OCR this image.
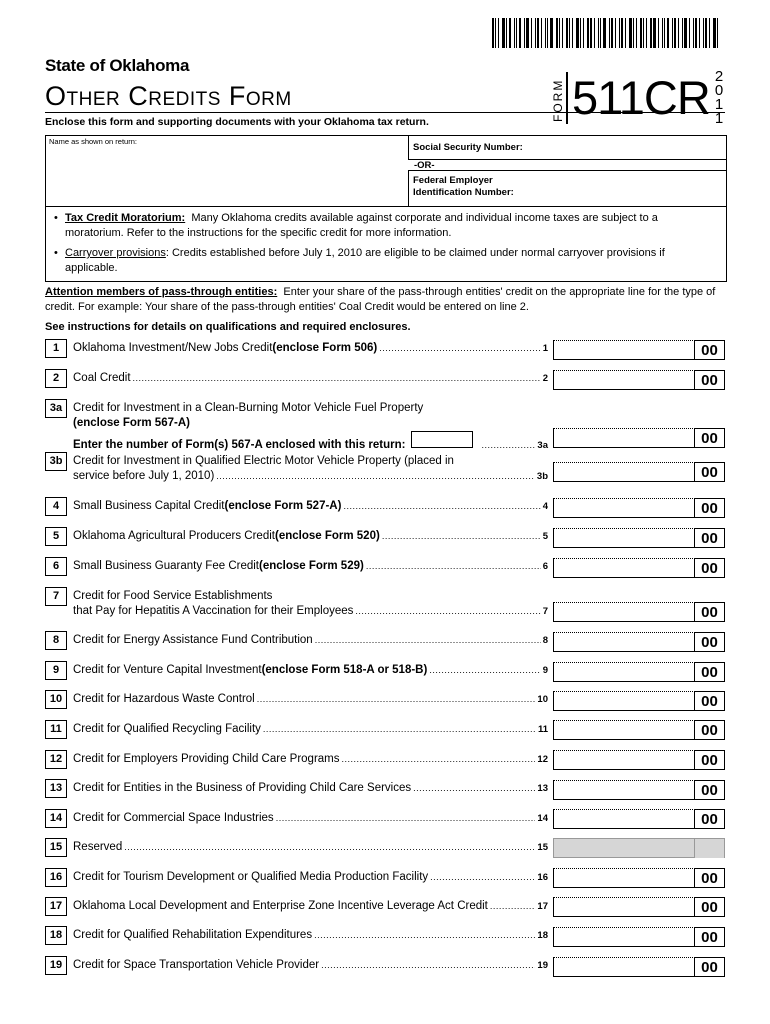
State of Oklahoma
Other Credits Form
Enclose this form and supporting documents with your Oklahoma tax return.	FORM 511CR 2
0
1
1
Name as shown on return:
Social Security Number:
-OR-
Federal Employer
Identification Number:

• Tax Credit Moratorium: Many Oklahoma credits available against corporate and individual income taxes are subject to a moratorium. Refer to the instructions for the specific credit for more information.

• Carryover provisions: Credits established before July 1, 2010 are eligible to be claimed under normal carryover provisions if applicable.

Attention members of pass-through entities: Enter your share of the pass-through entities' credit on the appropriate line for the type of credit. For example: Your share of the pass-through entities' Coal Credit would be entered on line 2.
See instructions for details on qualifications and required enclosures.
1	Oklahoma Investment/New Jobs Credit (enclose Form 506) .....	1	00
2	Coal Credit .....	2	00
3a Credit for Investment in a Clean-Burning Motor Vehicle Fuel Property
(enclose Form 567-A)
Enter the number of Form(s) 567-A enclosed with this return: .....	3a	00
3b Credit for Investment in Qualified Electric Motor Vehicle Property (placed in
service before July 1, 2010) .....	3b	00
4	Small Business Capital Credit (enclose Form 527-A) .....	4	00
5	Oklahoma Agricultural Producers Credit (enclose Form 520) .....	5	00
6	Small Business Guaranty Fee Credit (enclose Form 529) .....	6	00
7	Credit for Food Service Establishments
that Pay for Hepatitis A Vaccination for their Employees .....	7	00
8	Credit for Energy Assistance Fund Contribution .....	8	00
9	Credit for Venture Capital Investment (enclose Form 518-A or 518-B) .....	9	00
10 Credit for Hazardous Waste Control .....	10	00
11 Credit for Qualified Recycling Facility .....	11	00
12 Credit for Employers Providing Child Care Programs .....	12	00
13 Credit for Entities in the Business of Providing Child Care Services .....	13	00
14 Credit for Commercial Space Industries .....	14	00
15 Reserved .....	15
16 Credit for Tourism Development or Qualified Media Production Facility .....	16	00
17 Oklahoma Local Development and Enterprise Zone Incentive Leverage Act Credit .....	17	00
18 Credit for Qualified Rehabilitation Expenditures .....	18	00
19 Credit for Space Transportation Vehicle Provider .....	19	00
